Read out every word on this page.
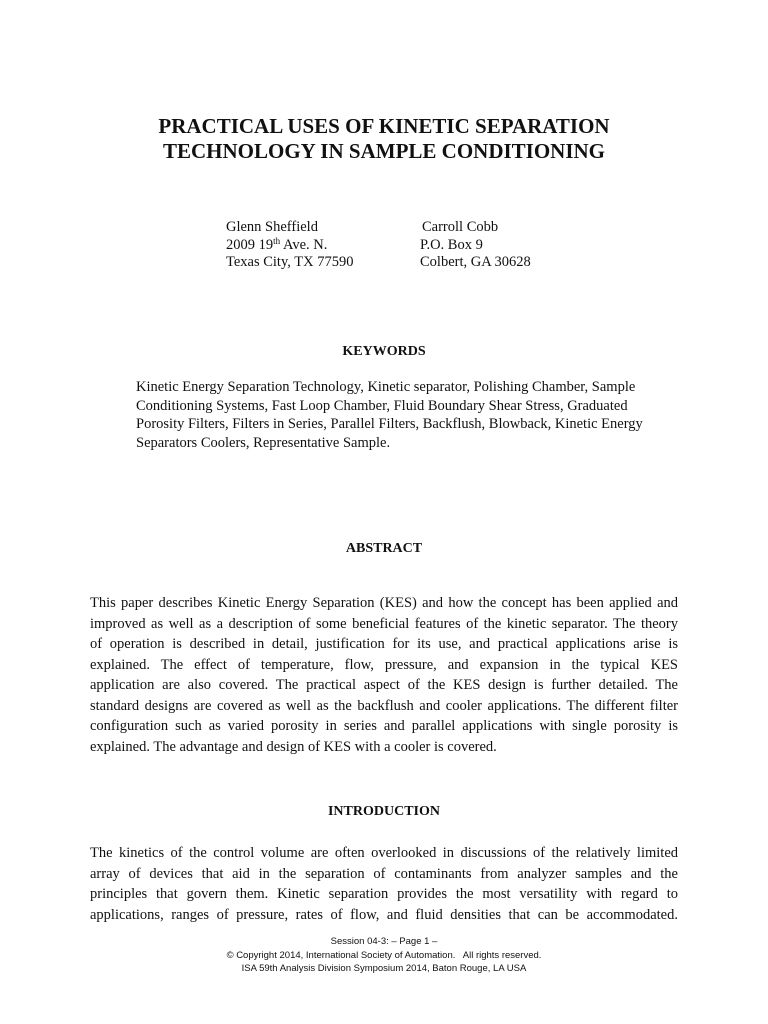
PRACTICAL USES OF KINETIC SEPARATION
TECHNOLOGY IN SAMPLE CONDITIONING
Glenn Sheffield
2009 19th Ave. N.
Texas City, TX 77590
Carroll Cobb
P.O. Box 9
Colbert, GA 30628
KEYWORDS
Kinetic Energy Separation Technology, Kinetic separator, Polishing Chamber, Sample
Conditioning Systems, Fast Loop Chamber, Fluid Boundary Shear Stress, Graduated
Porosity Filters, Filters in Series, Parallel Filters, Backflush, Blowback, Kinetic Energy
Separators Coolers, Representative Sample.
ABSTRACT
This paper describes Kinetic Energy Separation (KES) and how the concept has been applied and
improved as well as a description of some beneficial features of the kinetic separator. The theory
of operation is described in detail, justification for its use, and practical applications arise is
explained. The effect of temperature, flow, pressure, and expansion in the typical KES
application are also covered. The practical aspect of the KES design is further detailed. The
standard designs are covered as well as the backflush and cooler applications. The different filter
configuration such as varied porosity in series and parallel applications with single porosity is
explained. The advantage and design of KES with a cooler is covered.
INTRODUCTION
The kinetics of the control volume are often overlooked in discussions of the relatively limited
array of devices that aid in the separation of contaminants from analyzer samples and the
principles that govern them. Kinetic separation provides the most versatility with regard to
applications, ranges of pressure, rates of flow, and fluid densities that can be accommodated.
Session 04-3: – Page 1 –
© Copyright 2014, International Society of Automation.   All rights reserved.
ISA 59th Analysis Division Symposium 2014, Baton Rouge, LA USA
